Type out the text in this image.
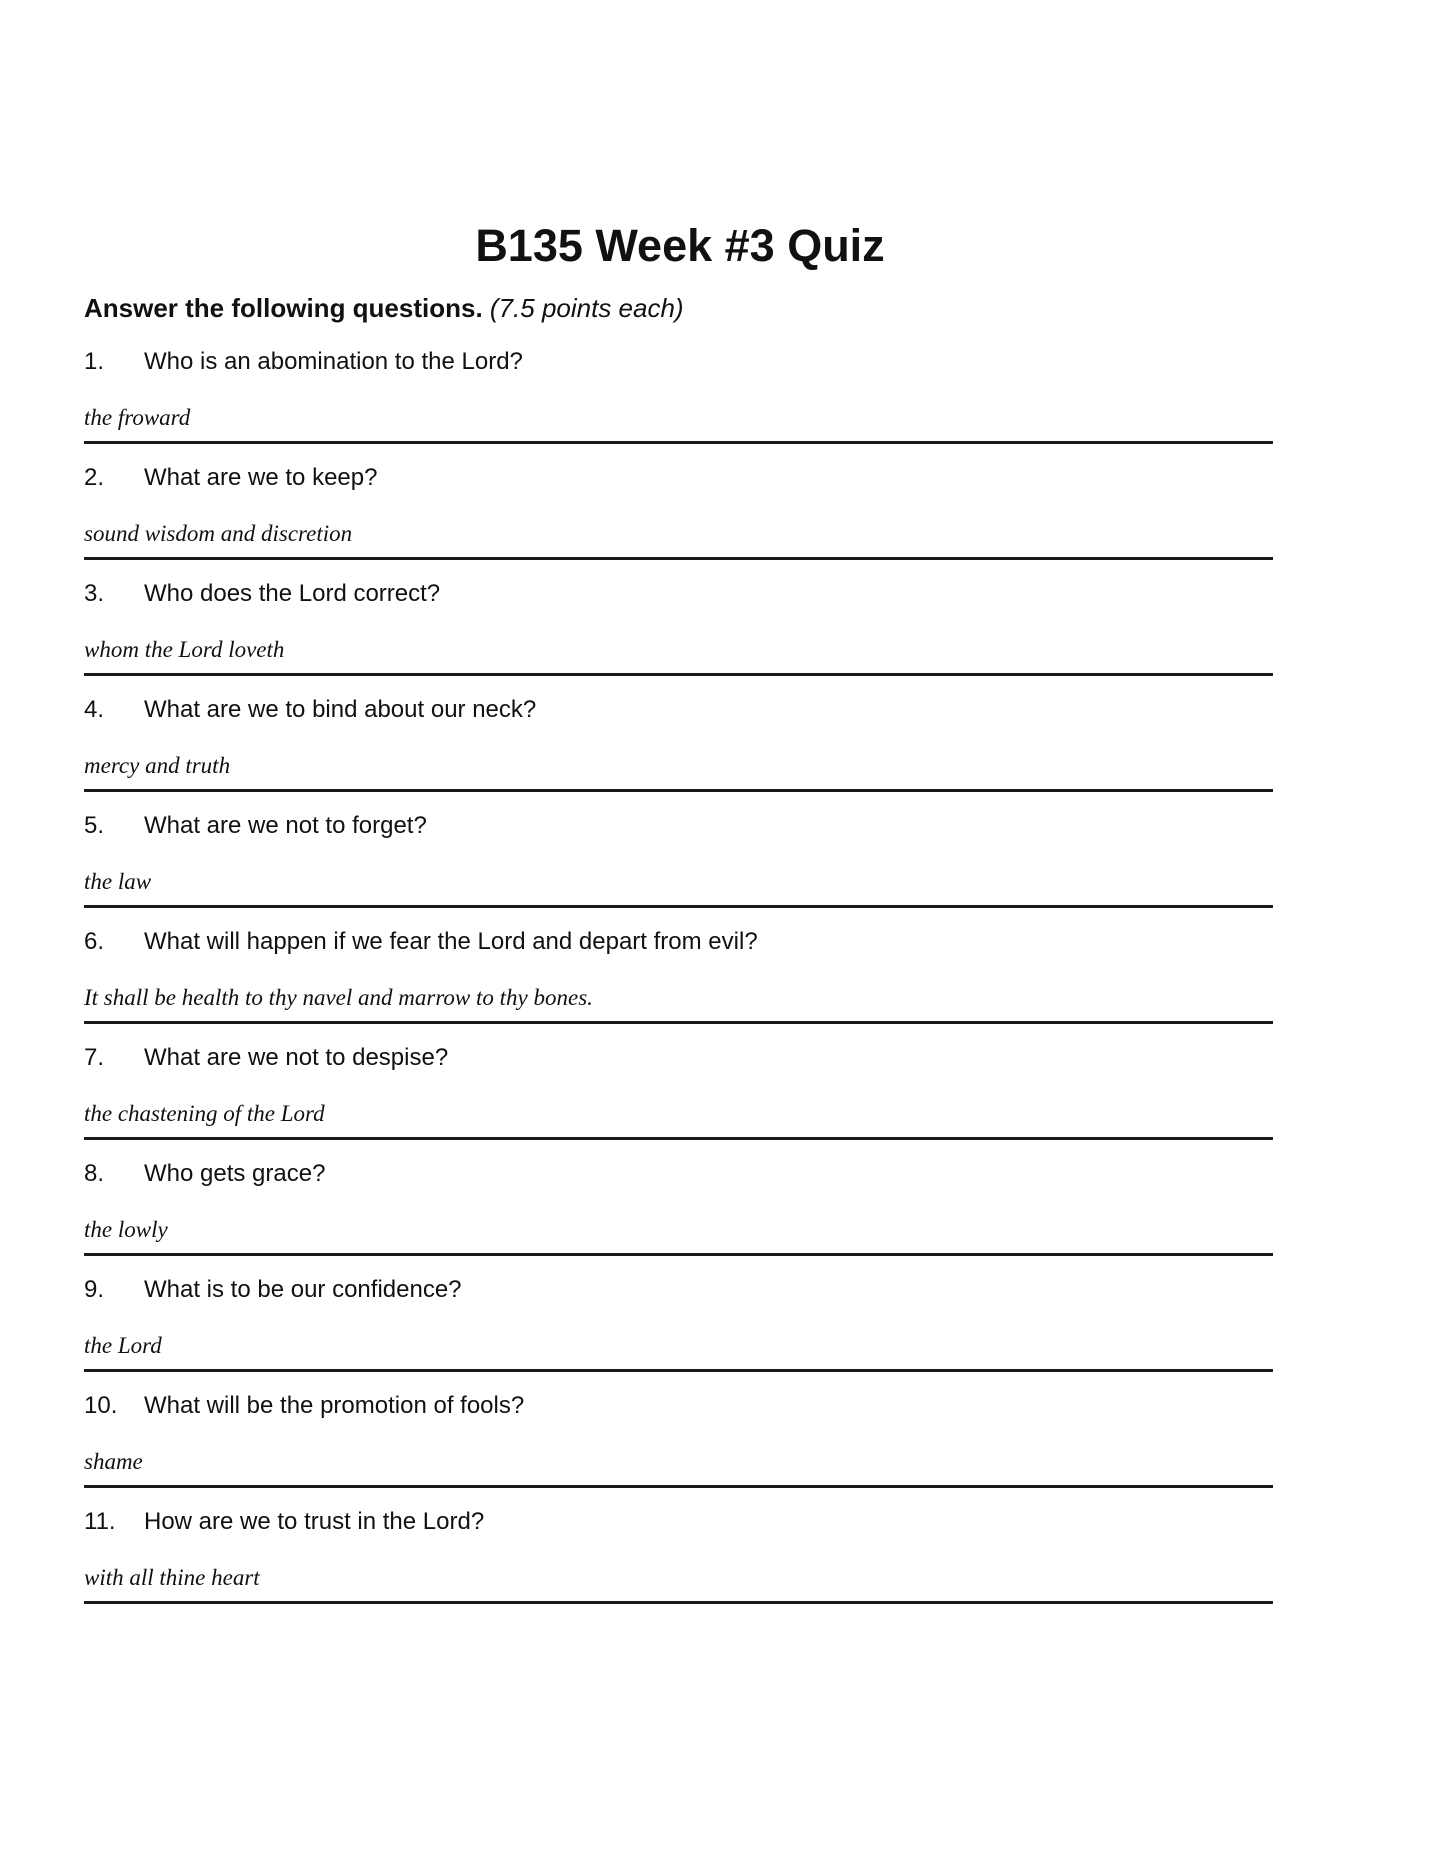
B135 Week #3 Quiz
Answer the following questions. (7.5 points each)
1. Who is an abomination to the Lord?
the froward
2. What are we to keep?
sound wisdom and discretion
3. Who does the Lord correct?
whom the Lord loveth
4. What are we to bind about our neck?
mercy and truth
5. What are we not to forget?
the law
6. What will happen if we fear the Lord and depart from evil?
It shall be health to thy navel and marrow to thy bones.
7. What are we not to despise?
the chastening of the Lord
8. Who gets grace?
the lowly
9. What is to be our confidence?
the Lord
10. What will be the promotion of fools?
shame
11. How are we to trust in the Lord?
with all thine heart
